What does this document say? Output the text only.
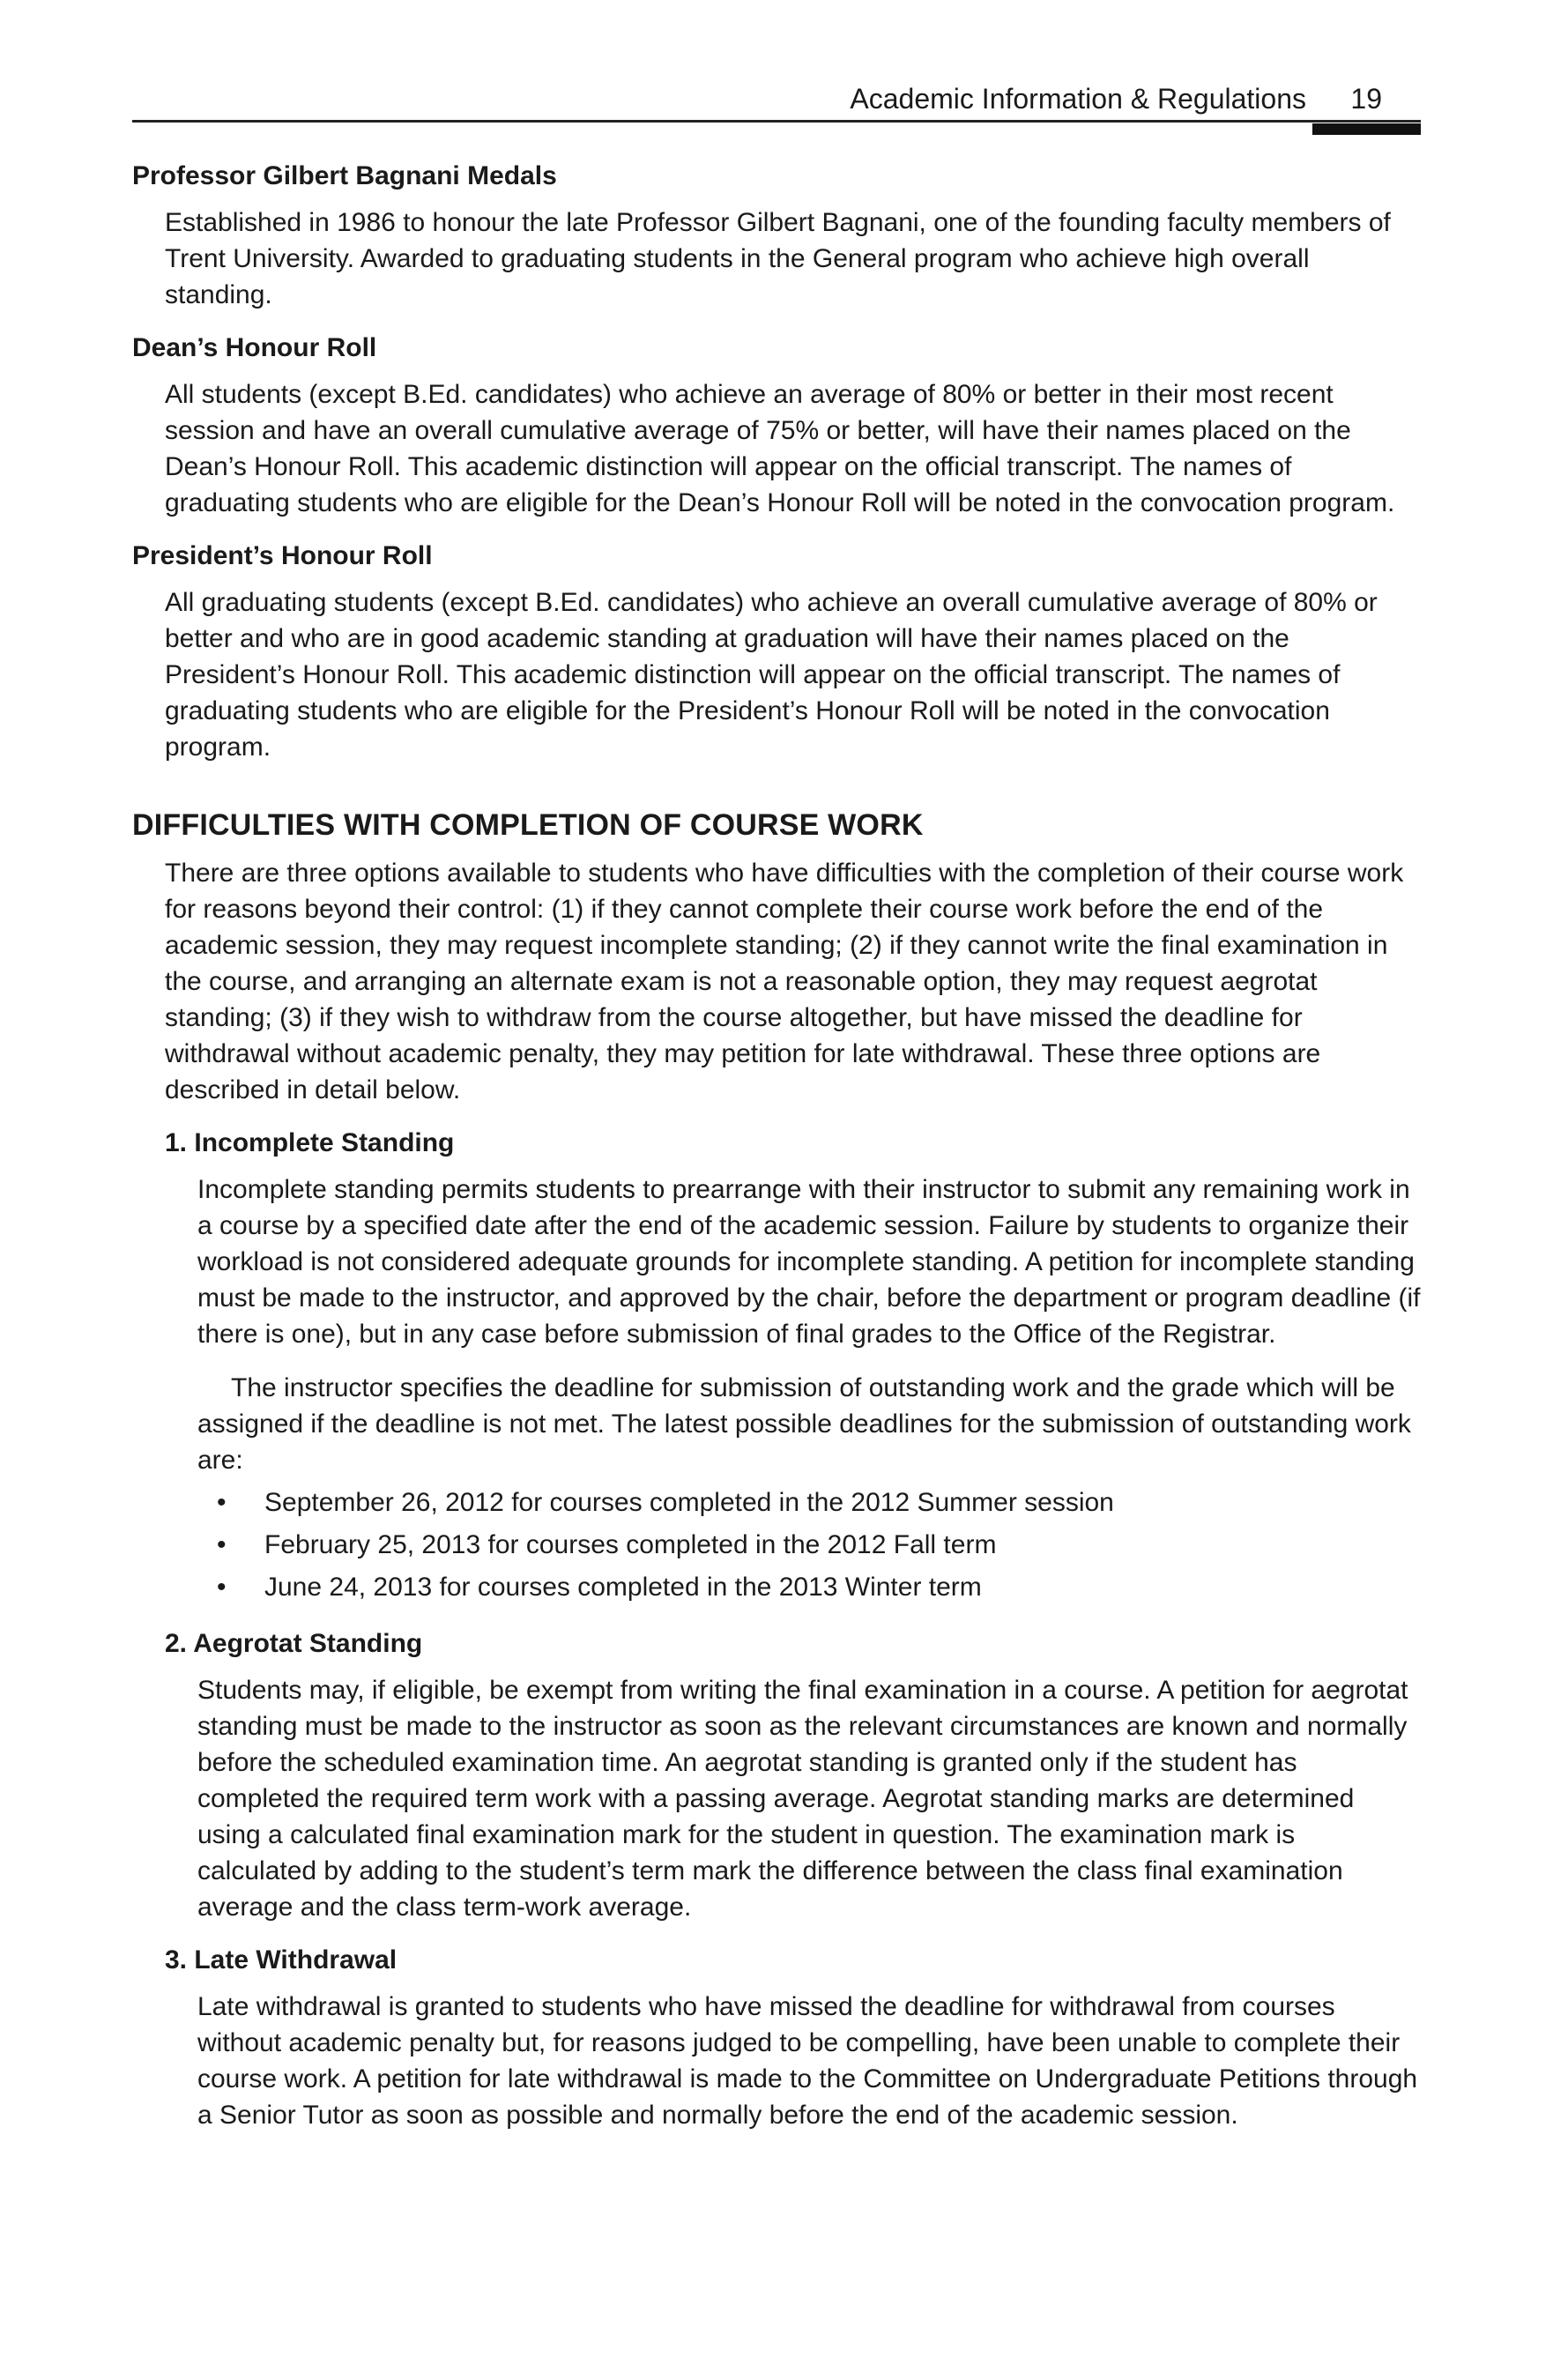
Academic Information & Regulations 19
Professor Gilbert Bagnani Medals

Established in 1986 to honour the late Professor Gilbert Bagnani, one of the founding faculty members of Trent University. Awarded to graduating students in the General program who achieve high overall standing.

Dean’s Honour Roll

All students (except B.Ed. candidates) who achieve an average of 80% or better in their most recent session and have an overall cumulative average of 75% or better, will have their names placed on the Dean’s Honour Roll. This academic distinction will appear on the official transcript. The names of graduating students who are eligible for the Dean’s Honour Roll will be noted in the convocation program.

President’s Honour Roll

All graduating students (except B.Ed. candidates) who achieve an overall cumulative average of 80% or better and who are in good academic standing at graduation will have their names placed on the President’s Honour Roll. This academic distinction will appear on the official transcript. The names of graduating students who are eligible for the President’s Honour Roll will be noted in the convocation program.

DIFFICULTIES WITH COMPLETION OF COURSE WORK

There are three options available to students who have difficulties with the completion of their course work for reasons beyond their control: (1) if they cannot complete their course work before the end of the academic session, they may request incomplete standing; (2) if they cannot write the final examination in the course, and arranging an alternate exam is not a reasonable option, they may request aegrotat standing; (3) if they wish to withdraw from the course altogether, but have missed the deadline for withdrawal without academic penalty, they may petition for late withdrawal. These three options are described in detail below.

1. Incomplete Standing

Incomplete standing permits students to prearrange with their instructor to submit any remaining work in a course by a specified date after the end of the academic session. Failure by students to organize their workload is not considered adequate grounds for incomplete standing. A petition for incomplete standing must be made to the instructor, and approved by the chair, before the department or program deadline (if there is one), but in any case before submission of final grades to the Office of the Registrar.

The instructor specifies the deadline for submission of outstanding work and the grade which will be assigned if the deadline is not met. The latest possible deadlines for the submission of outstanding work are:

• September 26, 2012 for courses completed in the 2012 Summer session
• February 25, 2013 for courses completed in the 2012 Fall term
• June 24, 2013 for courses completed in the 2013 Winter term
2. Aegrotat Standing

Students may, if eligible, be exempt from writing the final examination in a course. A petition for aegrotat standing must be made to the instructor as soon as the relevant circumstances are known and normally before the scheduled examination time. An aegrotat standing is granted only if the student has completed the required term work with a passing average. Aegrotat standing marks are determined using a calculated final examination mark for the student in question. The examination mark is calculated by adding to the student’s term mark the difference between the class final examination average and the class term-work average.

3. Late Withdrawal

Late withdrawal is granted to students who have missed the deadline for withdrawal from courses without academic penalty but, for reasons judged to be compelling, have been unable to complete their course work. A petition for late withdrawal is made to the Committee on Undergraduate Petitions through a Senior Tutor as soon as possible and normally before the end of the academic session.
